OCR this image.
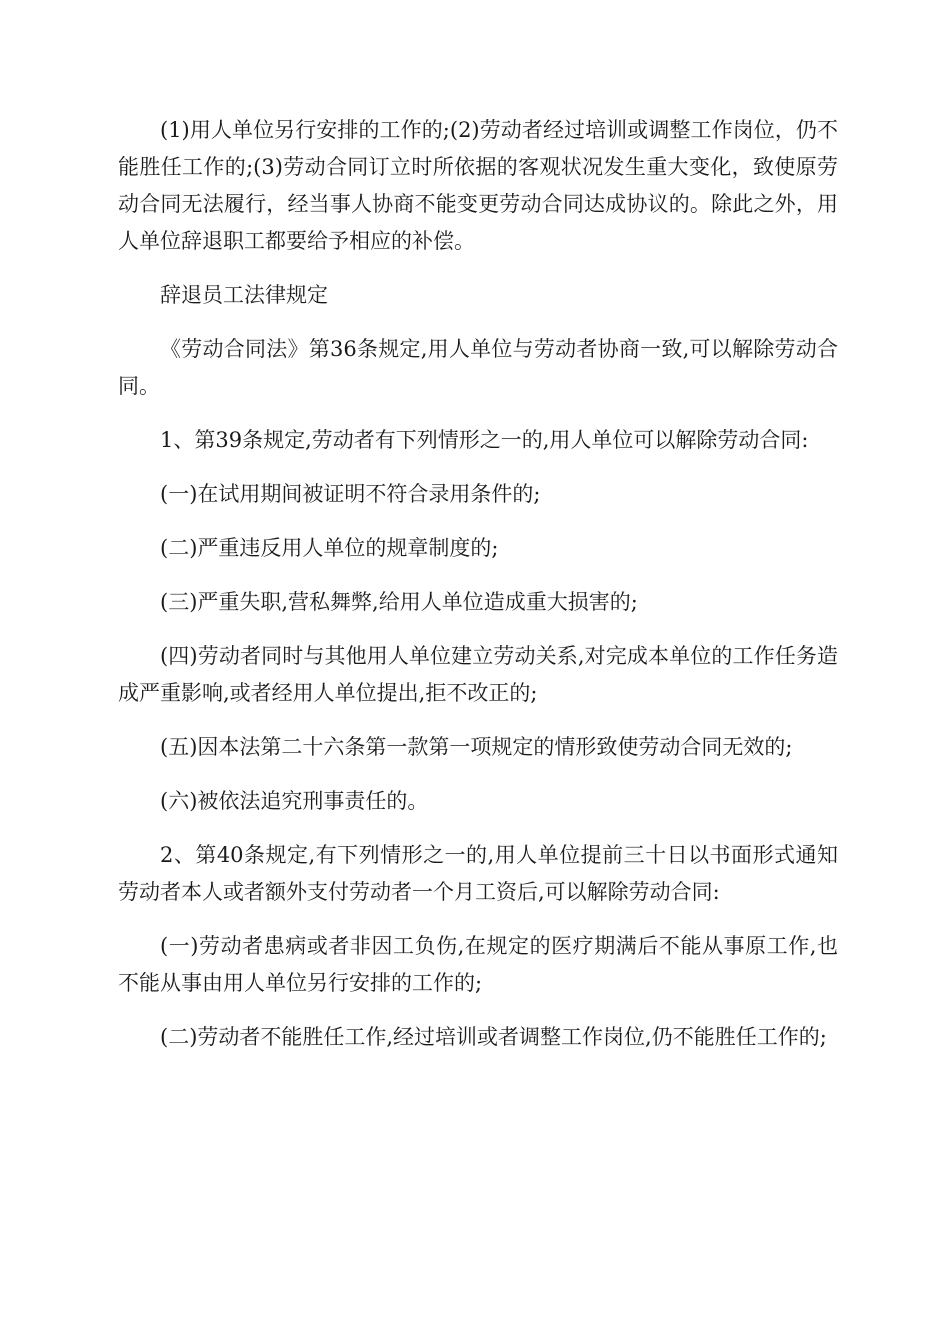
(1)用人单位另行安排的工作的;(2)劳动者经过培训或调整工作岗位，仍不能胜任工作的;(3)劳动合同订立时所依据的客观状况发生重大变化，致使原劳动合同无法履行，经当事人协商不能变更劳动合同达成协议的。除此之外，用人单位辞退职工都要给予相应的补偿。

辞退员工法律规定

《劳动合同法》第36条规定,用人单位与劳动者协商一致,可以解除劳动合同。

1、第39条规定,劳动者有下列情形之一的,用人单位可以解除劳动合同:

(一)在试用期间被证明不符合录用条件的;

(二)严重违反用人单位的规章制度的;

(三)严重失职,营私舞弊,给用人单位造成重大损害的;

(四)劳动者同时与其他用人单位建立劳动关系,对完成本单位的工作任务造成严重影响,或者经用人单位提出,拒不改正的;

(五)因本法第二十六条第一款第一项规定的情形致使劳动合同无效的;

(六)被依法追究刑事责任的。

2、第40条规定,有下列情形之一的,用人单位提前三十日以书面形式通知劳动者本人或者额外支付劳动者一个月工资后,可以解除劳动合同:

(一)劳动者患病或者非因工负伤,在规定的医疗期满后不能从事原工作,也不能从事由用人单位另行安排的工作的;

(二)劳动者不能胜任工作,经过培训或者调整工作岗位,仍不能胜任工作的;
